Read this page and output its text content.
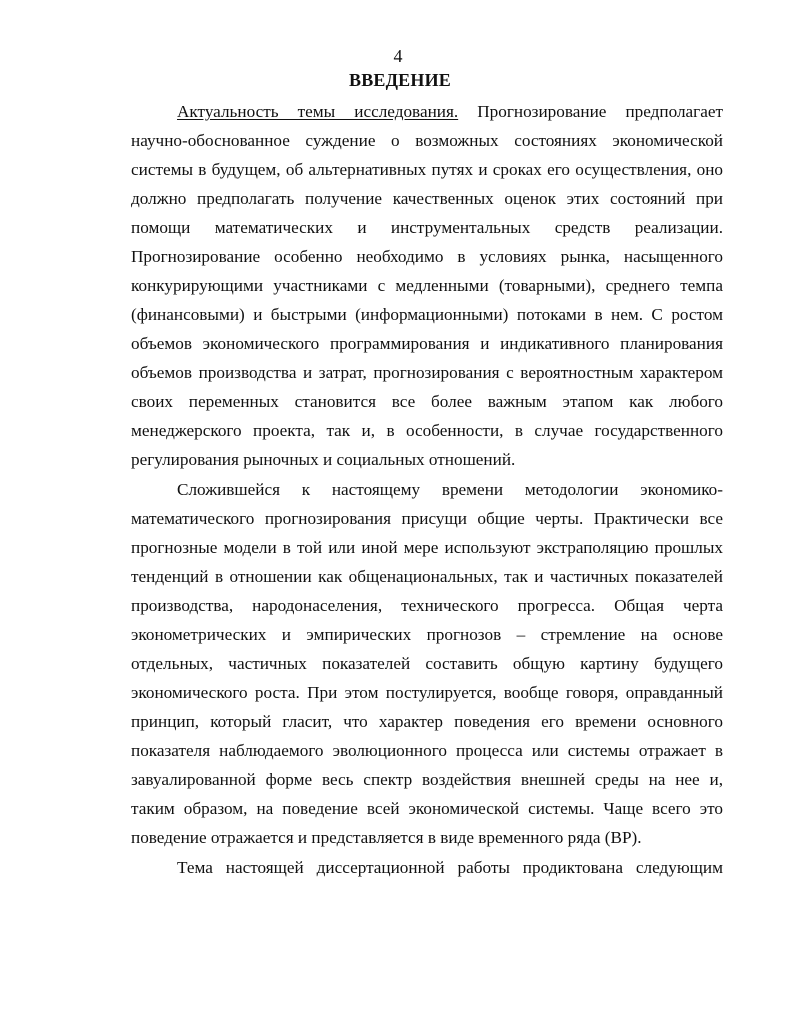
4
ВВЕДЕНИЕ
Актуальность темы исследования. Прогнозирование предполагает
научно-обоснованное суждение о возможных состояниях экономической
системы в будущем, об альтернативных путях и сроках его осуществления, оно
должно предполагать получение качественных оценок этих состояний при
помощи математических и инструментальных средств реализации.
Прогнозирование особенно необходимо в условиях рынка, насыщенного
конкурирующими участниками с медленными (товарными), среднего темпа
(финансовыми) и быстрыми (информационными) потоками в нем. С ростом
объемов экономического программирования и индикативного планирования
объемов производства и затрат, прогнозирования с вероятностным характером
своих переменных становится все более важным этапом как любого
менеджерского проекта, так и, в особенности, в случае государственного
регулирования рыночных и социальных отношений.
Сложившейся к настоящему времени методологии экономико-
математического прогнозирования присущи общие черты. Практически все
прогнозные модели в той или иной мере используют экстраполяцию прошлых
тенденций в отношении как общенациональных, так и частичных показателей
производства, народонаселения, технического прогресса. Общая черта
эконометрических и эмпирических прогнозов – стремление на основе
отдельных, частичных показателей составить общую картину будущего
экономического роста. При этом постулируется, вообще говоря, оправданный
принцип, который гласит, что характер поведения его времени основного
показателя наблюдаемого эволюционного процесса или системы отражает в
завуалированной форме весь спектр воздействия внешней среды на нее и,
таким образом, на поведение всей экономической системы. Чаще всего это
поведение отражается и представляется в виде временного ряда (ВР).
Тема настоящей диссертационной работы продиктована следующим
